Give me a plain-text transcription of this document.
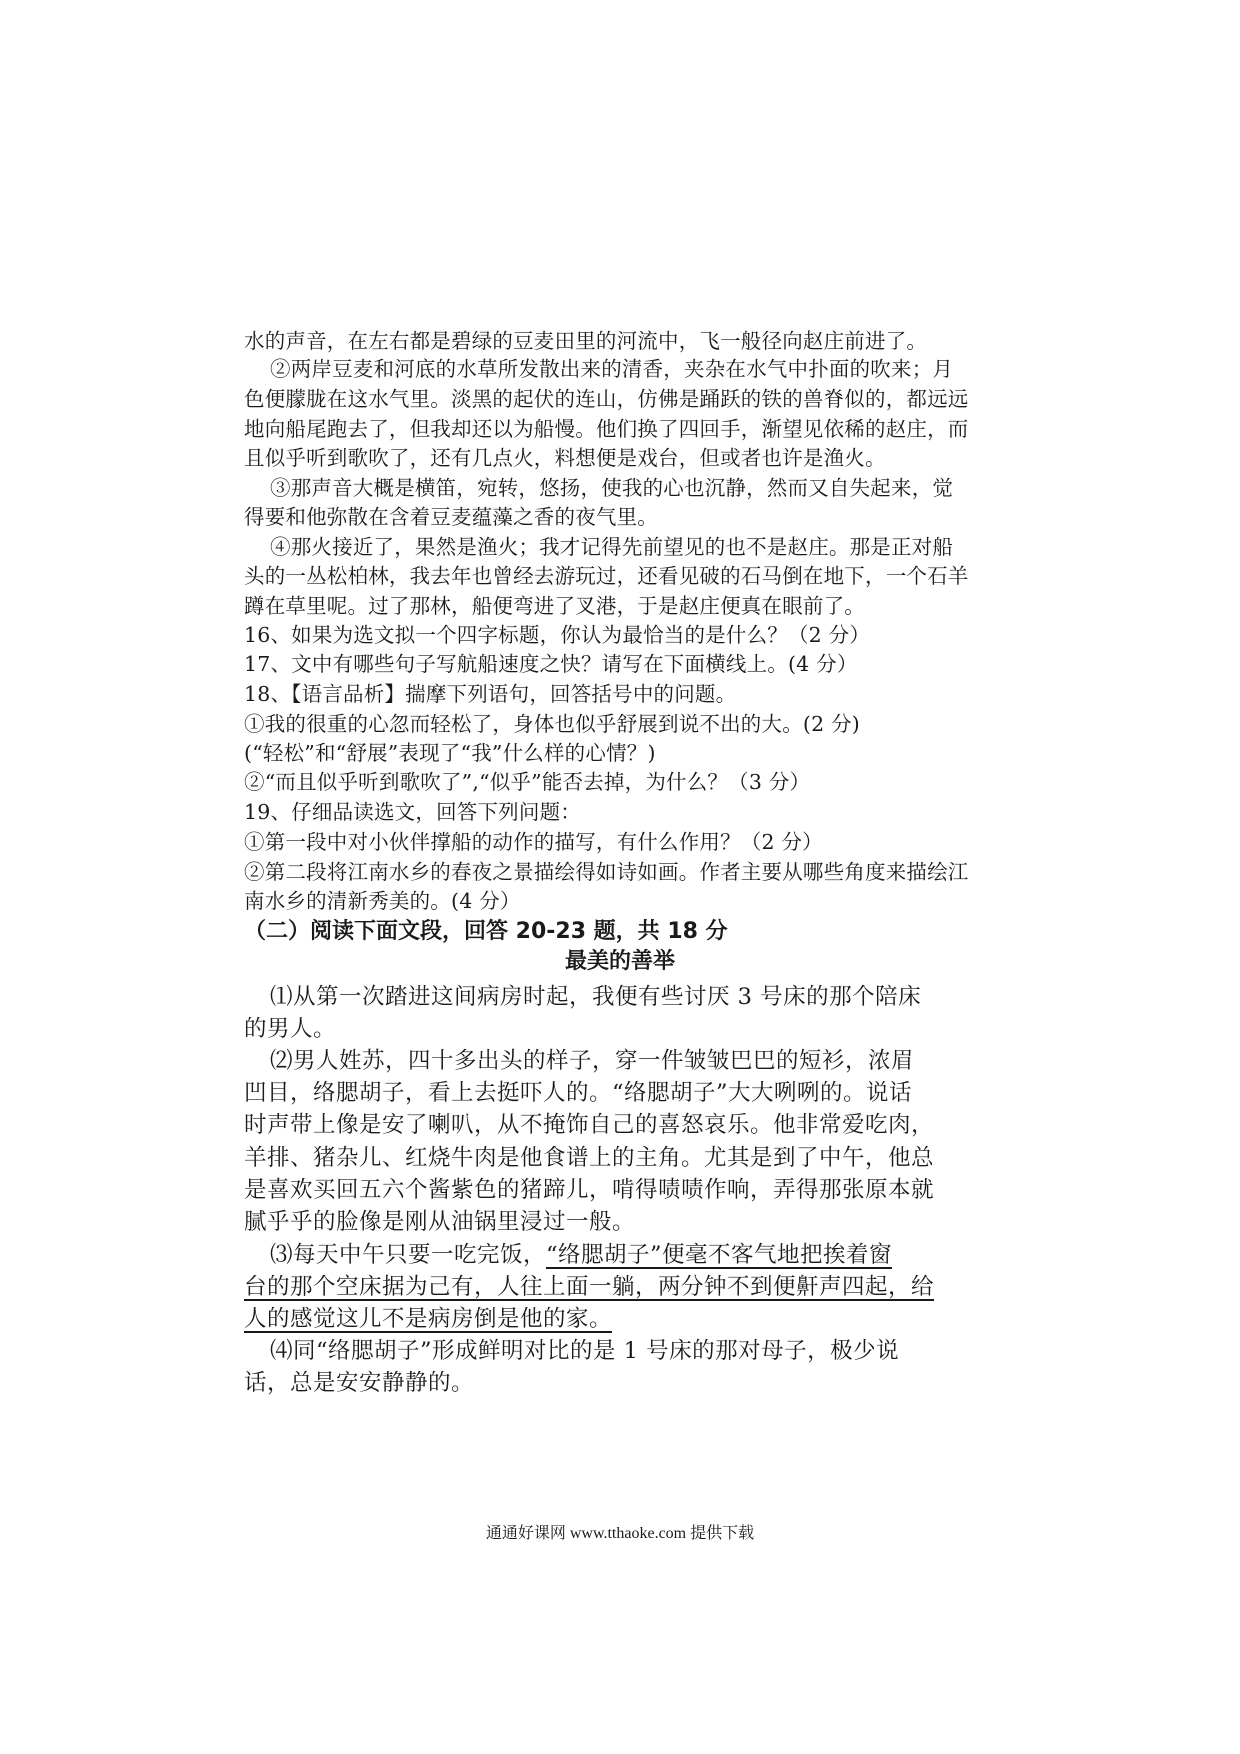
水的声音，在左右都是碧绿的豆麦田里的河流中，飞一般径向赵庄前进了。
②两岸豆麦和河底的水草所发散出来的清香，夹杂在水气中扑面的吹来；月
色便朦胧在这水气里。淡黑的起伏的连山，仿佛是踊跃的铁的兽脊似的，都远远
地向船尾跑去了，但我却还以为船慢。他们换了四回手，渐望见依稀的赵庄，而
且似乎听到歌吹了，还有几点火，料想便是戏台，但或者也许是渔火。
③那声音大概是横笛，宛转，悠扬，使我的心也沉静，然而又自失起来，觉
得要和他弥散在含着豆麦蕴藻之香的夜气里。
④那火接近了，果然是渔火；我才记得先前望见的也不是赵庄。那是正对船
头的一丛松柏林，我去年也曾经去游玩过，还看见破的石马倒在地下，一个石羊
蹲在草里呢。过了那林，船便弯进了叉港，于是赵庄便真在眼前了。
16、如果为选文拟一个四字标题，你认为最恰当的是什么？（2 分）
17、文中有哪些句子写航船速度之快？请写在下面横线上。(4 分）
18、【语言品析】揣摩下列语句，回答括号中的问题。
①我的很重的心忽而轻松了，身体也似乎舒展到说不出的大。(2 分)
(“轻松”和“舒展”表现了“我”什么样的心情？)
②“而且似乎听到歌吹了”,“似乎”能否去掉，为什么？（3 分）
19、仔细品读选文，回答下列问题：
①第一段中对小伙伴撑船的动作的描写，有什么作用？（2 分）
②第二段将江南水乡的春夜之景描绘得如诗如画。作者主要从哪些角度来描绘江
南水乡的清新秀美的。(4 分）
（二）阅读下面文段，回答 20-23 题，共 18 分
最美的善举
⑴从第一次踏进这间病房时起，我便有些讨厌 3 号床的那个陪床
的男人。
⑵男人姓苏，四十多出头的样子，穿一件皱皱巴巴的短衫，浓眉
凹目，络腮胡子，看上去挺吓人的。“络腮胡子”大大咧咧的。说话
时声带上像是安了喇叭，从不掩饰自己的喜怒哀乐。他非常爱吃肉，
羊排、猪杂儿、红烧牛肉是他食谱上的主角。尤其是到了中午，他总
是喜欢买回五六个酱紫色的猪蹄儿，啃得啧啧作响，弄得那张原本就
腻乎乎的脸像是刚从油锅里浸过一般。
⑶每天中午只要一吃完饭，“络腮胡子”便毫不客气地把挨着窗
台的那个空床据为己有，人往上面一躺，两分钟不到便鼾声四起，给
人的感觉这儿不是病房倒是他的家。
⑷同“络腮胡子”形成鲜明对比的是 1 号床的那对母子，极少说
话，总是安安静静的。
通通好课网 www.tthaoke.com 提供下载
